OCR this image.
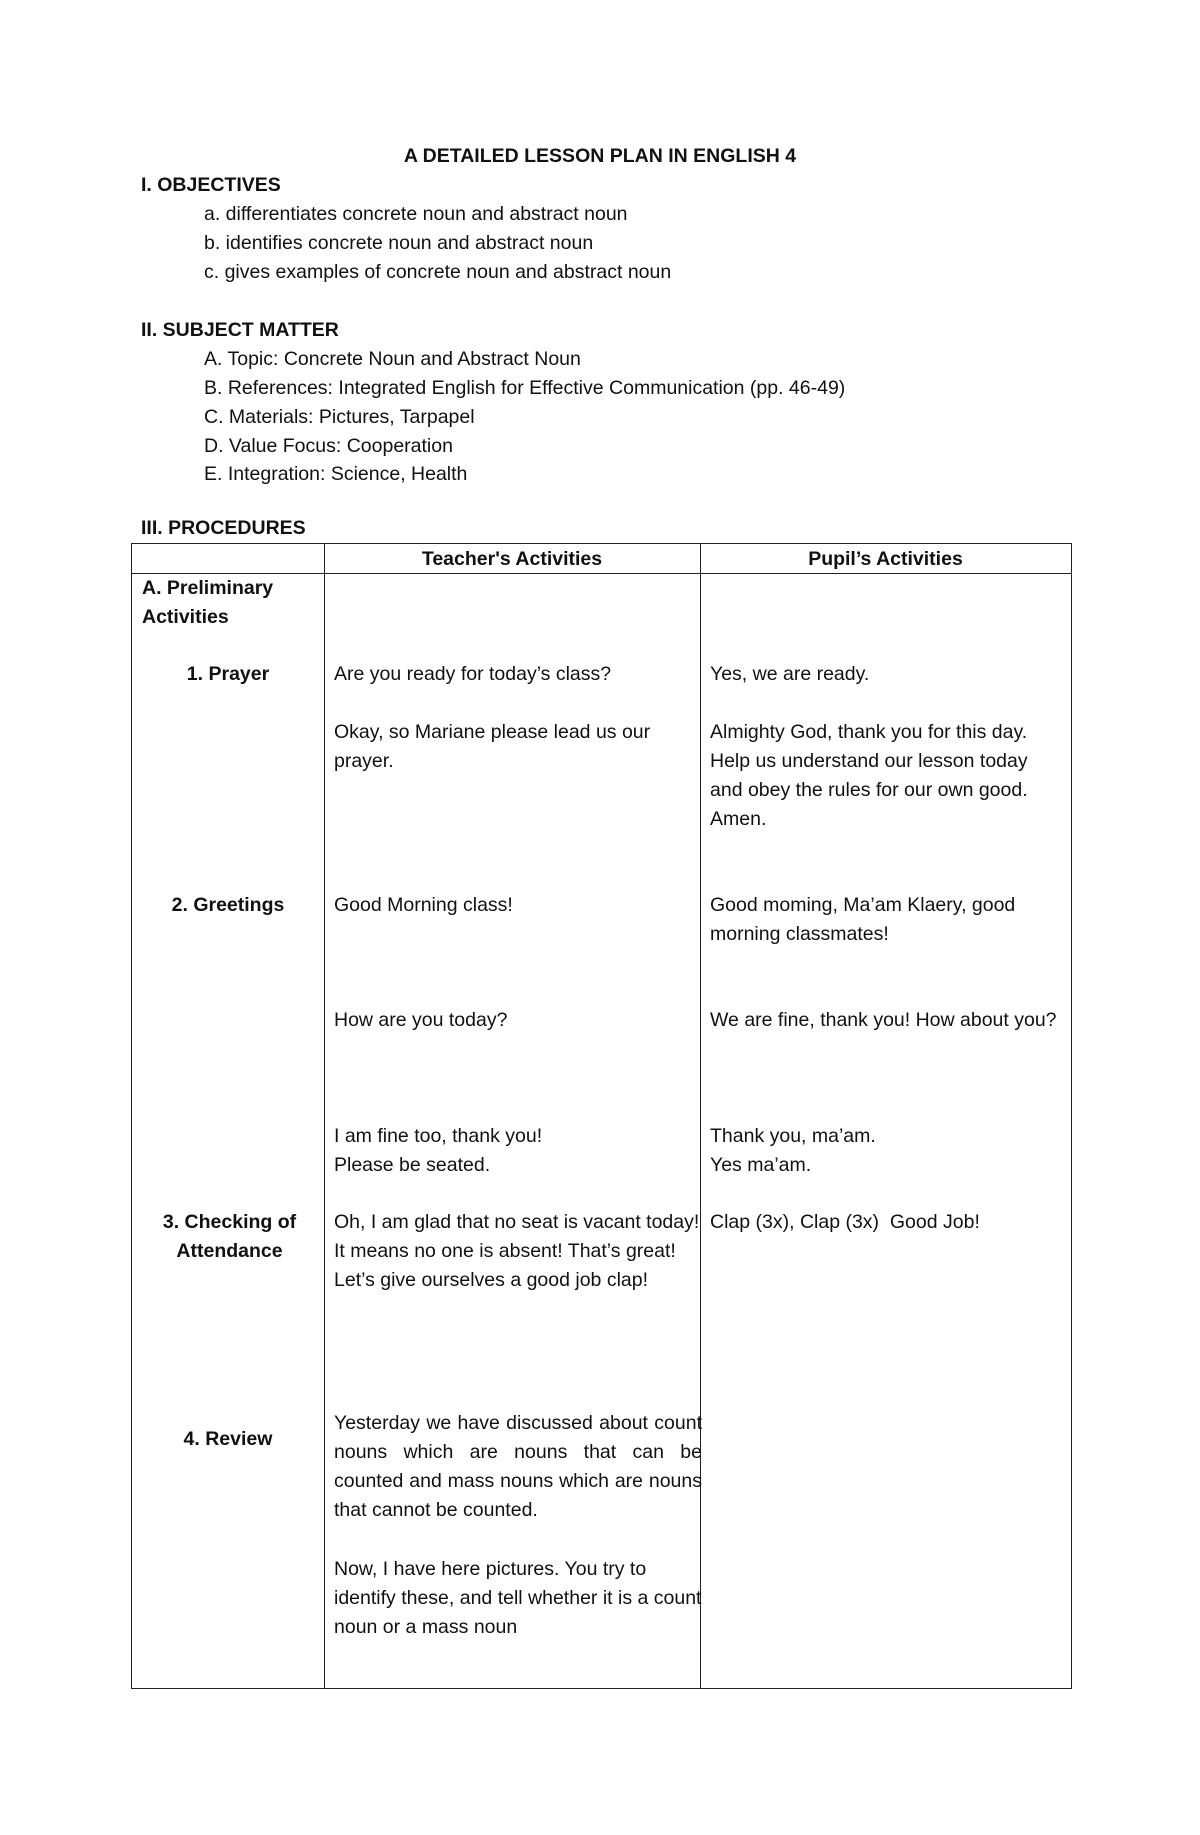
A DETAILED LESSON PLAN IN ENGLISH 4
I. OBJECTIVES
a. differentiates concrete noun and abstract noun
b. identifies concrete noun and abstract noun
c. gives examples of concrete noun and abstract noun
II. SUBJECT MATTER
A. Topic: Concrete Noun and Abstract Noun
B. References: Integrated English for Effective Communication (pp. 46-49)
C. Materials: Pictures, Tarpapel
D. Value Focus: Cooperation
E. Integration: Science, Health
III. PROCEDURES
Teacher's Activities	Pupil’s Activities
A. Preliminary Activities
1. Prayer
2. Greetings
3. Checking of Attendance
4. Review
Are you ready for today’s class?
Okay, so Mariane please lead us our prayer.
Good Morning class!
How are you today?
I am fine too, thank you!
Please be seated.
Oh, I am glad that no seat is vacant today! It means no one is absent! That’s great! Let’s give ourselves a good job clap!
Yesterday we have discussed about count nouns which are nouns that can be counted and mass nouns which are nouns that cannot be counted.
Now, I have here pictures. You try to identify these, and tell whether it is a count noun or a mass noun
Yes, we are ready.
Almighty God, thank you for this day. Help us understand our lesson today and obey the rules for our own good. Amen.
Good moming, Ma’am Klaery, good morning classmates!
We are fine, thank you! How about you?
Thank you, ma’am.
Yes ma’am.
Clap (3x), Clap (3x)  Good Job!
